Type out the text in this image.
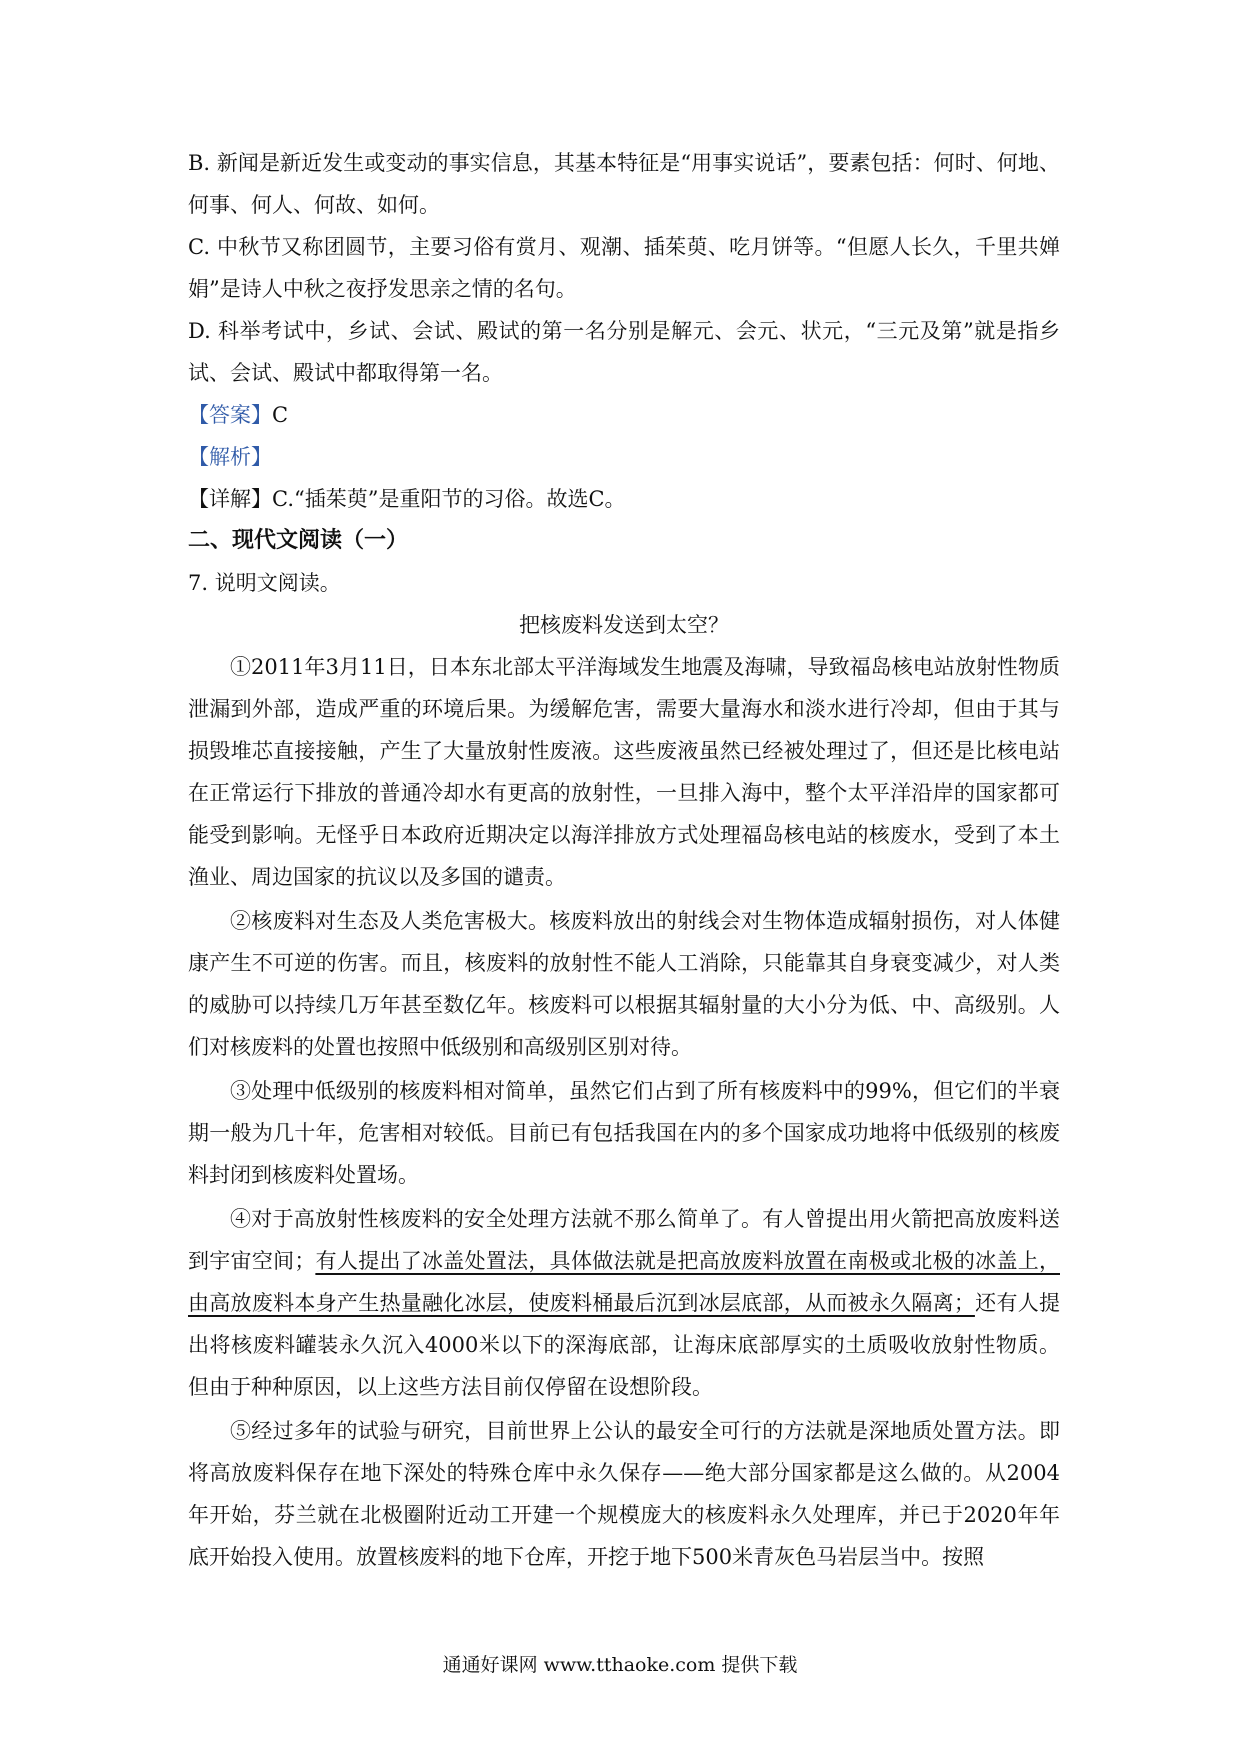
B. 新闻是新近发生或变动的事实信息，其基本特征是“用事实说话”，要素包括：何时、何地、何事、何人、何故、如何。

C. 中秋节又称团圆节，主要习俗有赏月、观潮、插茱萸、吃月饼等。“但愿人长久，千里共婵娟”是诗人中秋之夜抒发思亲之情的名句。

D. 科举考试中，乡试、会试、殿试的第一名分别是解元、会元、状元，“三元及第”就是指乡试、会试、殿试中都取得第一名。

【答案】C

【解析】

【详解】C.“插茱萸”是重阳节的习俗。故选C。

二、现代文阅读（一）

7. 说明文阅读。

把核废料发送到太空？

①2011年3月11日，日本东北部太平洋海域发生地震及海啸，导致福岛核电站放射性物质泄漏到外部，造成严重的环境后果。为缓解危害，需要大量海水和淡水进行冷却，但由于其与损毁堆芯直接接触，产生了大量放射性废液。这些废液虽然已经被处理过了，但还是比核电站在正常运行下排放的普通冷却水有更高的放射性，一旦排入海中，整个太平洋沿岸的国家都可能受到影响。无怪乎日本政府近期决定以海洋排放方式处理福岛核电站的核废水，受到了本土渔业、周边国家的抗议以及多国的谴责。

②核废料对生态及人类危害极大。核废料放出的射线会对生物体造成辐射损伤，对人体健康产生不可逆的伤害。而且，核废料的放射性不能人工消除，只能靠其自身衰变减少，对人类的威胁可以持续几万年甚至数亿年。核废料可以根据其辐射量的大小分为低、中、高级别。人们对核废料的处置也按照中低级别和高级别区别对待。

③处理中低级别的核废料相对简单，虽然它们占到了所有核废料中的99%，但它们的半衰期一般为几十年，危害相对较低。目前已有包括我国在内的多个国家成功地将中低级别的核废料封闭到核废料处置场。

④对于高放射性核废料的安全处理方法就不那么简单了。有人曾提出用火箭把高放废料送到宇宙空间；有人提出了冰盖处置法，具体做法就是把高放废料放置在南极或北极的冰盖上，由高放废料本身产生热量融化冰层，使废料桶最后沉到冰层底部，从而被永久隔离；还有人提出将核废料罐装永久沉入4000米以下的深海底部，让海床底部厚实的土质吸收放射性物质。但由于种种原因，以上这些方法目前仅停留在设想阶段。

⑤经过多年的试验与研究，目前世界上公认的最安全可行的方法就是深地质处置方法。即将高放废料保存在地下深处的特殊仓库中永久保存——绝大部分国家都是这么做的。从2004年开始，芬兰就在北极圈附近动工开建一个规模庞大的核废料永久处理库，并已于2020年年底开始投入使用。放置核废料的地下仓库，开挖于地下500米青灰色马岩层当中。按照

通通好课网 www.tthaoke.com 提供下载
